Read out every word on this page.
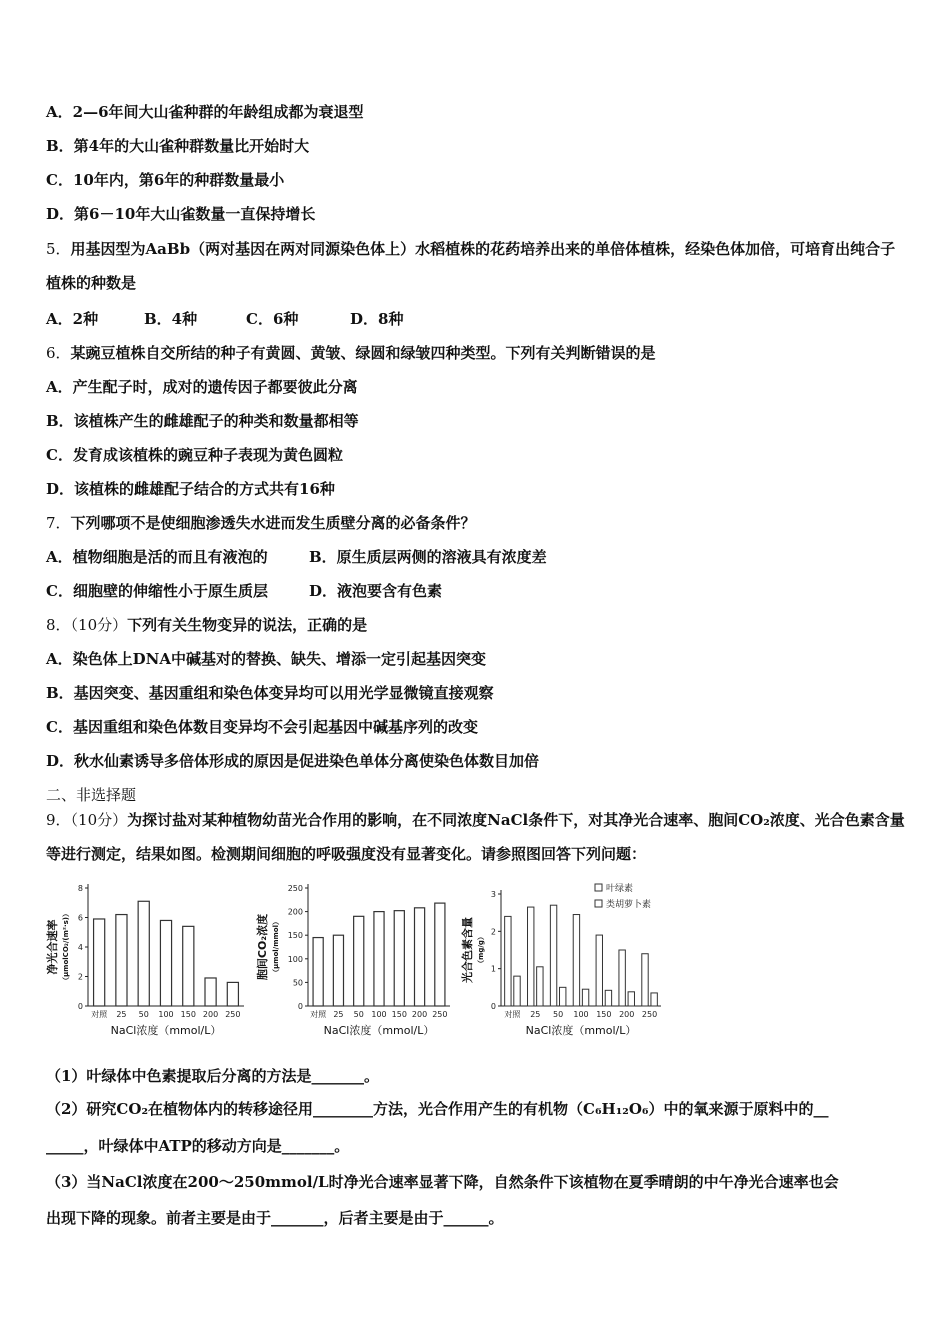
A．2—6年间大山雀种群的年龄组成都为衰退型
B．第4年的大山雀种群数量比开始时大
C．10年内，第6年的种群数量最小
D．第6－10年大山雀数量一直保持增长
5．用基因型为AaBb（两对基因在两对同源染色体上）水稻植株的花药培养出来的单倍体植株，经染色体加倍，可培育出纯合子植株的种数是
A．2种	B．4种	C．6种	D．8种
6．某豌豆植株自交所结的种子有黄圆、黄皱、绿圆和绿皱四种类型。下列有关判断错误的是
A．产生配子时，成对的遗传因子都要彼此分离
B．该植株产生的雌雄配子的种类和数量都相等
C．发育成该植株的豌豆种子表现为黄色圆粒
D．该植株的雌雄配子结合的方式共有16种
7．下列哪项不是使细胞渗透失水进而发生质壁分离的必备条件？
A．植物细胞是活的而且有液泡的	B．原生质层两侧的溶液具有浓度差
C．细胞壁的伸缩性小于原生质层	D．液泡要含有色素
8．（10分）下列有关生物变异的说法，正确的是
A．染色体上DNA中碱基对的替换、缺失、增添一定引起基因突变
B．基因突变、基因重组和染色体变异均可以用光学显微镜直接观察
C．基因重组和染色体数目变异均不会引起基因中碱基序列的改变
D．秋水仙素诱导多倍体形成的原因是促进染色单体分离使染色体数目加倍
二、非选择题
9．（10分）为探讨盐对某种植物幼苗光合作用的影响，在不同浓度NaCl条件下，对其净光合速率、胞间CO₂浓度、光合色素含量等进行测定，结果如图。检测期间细胞的呼吸强度没有显著变化。请参照图回答下列问题：
0
2
4
6
8
对照 25 50 100 150 200 250
NaCl浓度（mmol/L）
净光合速率 （μmolCO₂/(m²·s)）
0
50
100
150
200
250
对照 25 50 100 150 200 250
NaCl浓度（mmol/L）
胞间CO₂浓度 （μmol/mmol）
0
1
2
3
对照 25 50 100 150 200 250
叶绿素
类胡萝卜素
NaCl浓度（mmol/L）
光合色素含量 （mg/g）
（1）叶绿体中色素提取后分离的方法是_______。
（2）研究CO₂在植物体内的转移途径用________方法，光合作用产生的有机物（C₆H₁₂O₆）中的氧来源于原料中的__
_____，叶绿体中ATP的移动方向是_______。
（3）当NaCl浓度在200～250mmol/L时净光合速率显著下降，自然条件下该植物在夏季晴朗的中午净光合速率也会
出现下降的现象。前者主要是由于_______，后者主要是由于______。
